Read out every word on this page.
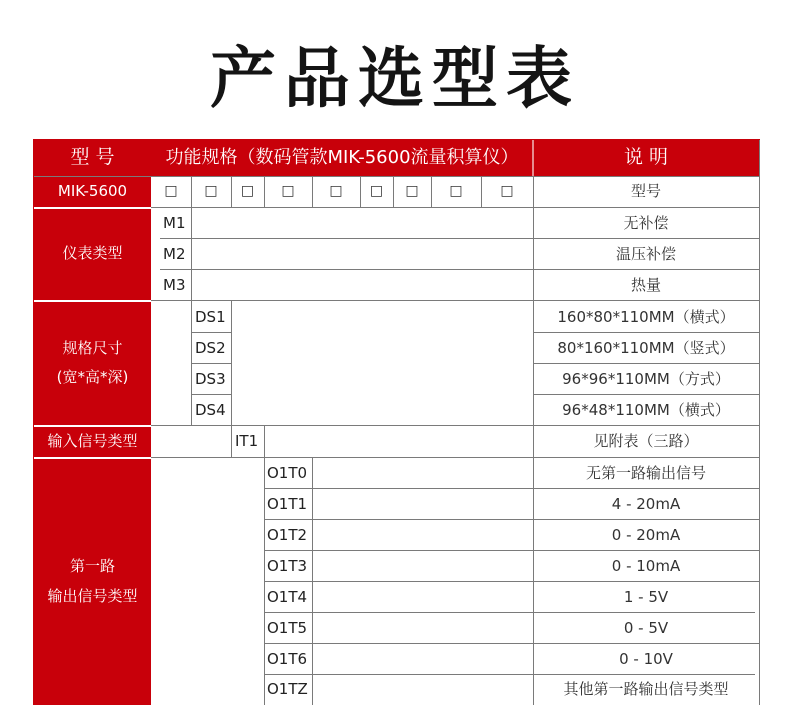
产品选型表
型 号	功能规格（数码管款MIK-5600流量积算仪）	说 明
MIK-5600	□	□	□	□	□	□	□	□	□	型号
仪表类型
M1	无补偿
M2	温压补偿
M3	热量
规格尺寸
(宽*高*深)
DS1	160*80*110MM（横式）
DS2	80*160*110MM（竖式）
DS3	96*96*110MM（方式）
DS4	96*48*110MM（横式）
输入信号类型	IT1	见附表（三路）
第一路
输出信号类型
O1T0	无第一路输出信号
O1T1	4 - 20mA
O1T2	0 - 20mA
O1T3	0 - 10mA
O1T4	1 - 5V
O1T5	0 - 5V
O1T6	0 - 10V
O1TZ	其他第一路输出信号类型
